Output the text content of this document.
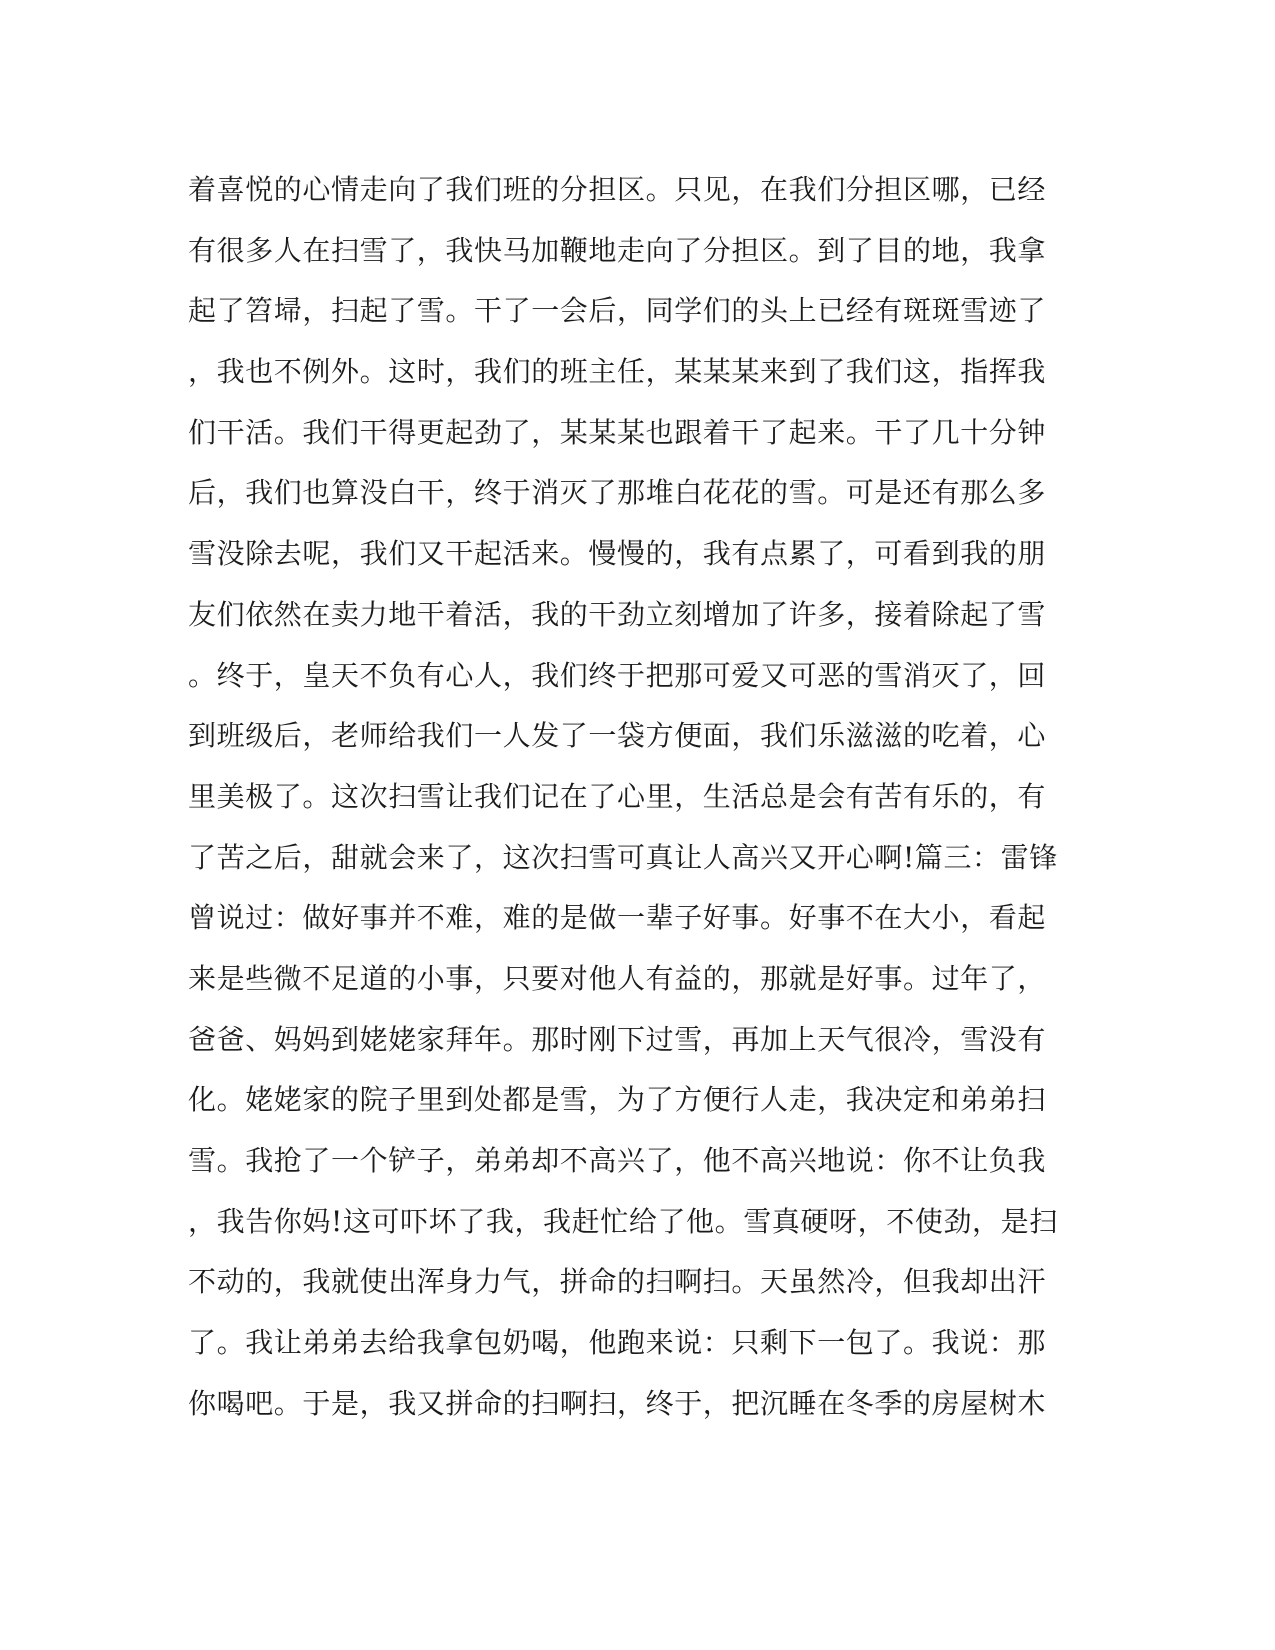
着喜悦的心情走向了我们班的分担区。只见，在我们分担区哪，已经
有很多人在扫雪了，我快马加鞭地走向了分担区。到了目的地，我拿
起了笤埽，扫起了雪。干了一会后，同学们的头上已经有斑斑雪迹了
，我也不例外。这时，我们的班主任，某某某来到了我们这，指挥我
们干活。我们干得更起劲了，某某某也跟着干了起来。干了几十分钟
后，我们也算没白干，终于消灭了那堆白花花的雪。可是还有那么多
雪没除去呢，我们又干起活来。慢慢的，我有点累了，可看到我的朋
友们依然在卖力地干着活，我的干劲立刻增加了许多，接着除起了雪
。终于，皇天不负有心人，我们终于把那可爱又可恶的雪消灭了，回
到班级后，老师给我们一人发了一袋方便面，我们乐滋滋的吃着，心
里美极了。这次扫雪让我们记在了心里，生活总是会有苦有乐的，有
了苦之后，甜就会来了，这次扫雪可真让人高兴又开心啊!篇三：雷锋
曾说过：做好事并不难，难的是做一辈子好事。好事不在大小，看起
来是些微不足道的小事，只要对他人有益的，那就是好事。过年了，
爸爸、妈妈到姥姥家拜年。那时刚下过雪，再加上天气很冷，雪没有
化。姥姥家的院子里到处都是雪，为了方便行人走，我决定和弟弟扫
雪。我抢了一个铲子，弟弟却不高兴了，他不高兴地说：你不让负我
，我告你妈!这可吓坏了我，我赶忙给了他。雪真硬呀，不使劲，是扫
不动的，我就使出浑身力气，拼命的扫啊扫。天虽然冷，但我却出汗
了。我让弟弟去给我拿包奶喝，他跑来说：只剩下一包了。我说：那
你喝吧。于是，我又拼命的扫啊扫，终于，把沉睡在冬季的房屋树木
